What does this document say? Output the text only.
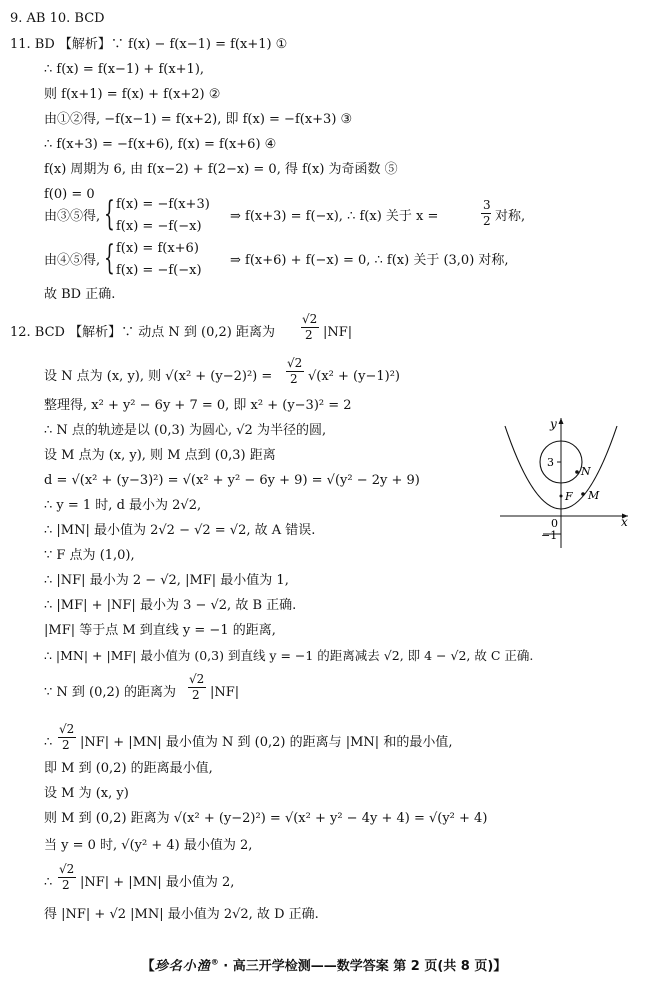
9. AB 10. BCD
11. BD 【解析】∵ f(x) − f(x−1) = f(x+1) ①
∴ f(x) = f(x−1) + f(x+1),
则 f(x+1) = f(x) + f(x+2) ②
由①②得, −f(x−1) = f(x+2), 即 f(x) = −f(x+3) ③
∴ f(x+3) = −f(x+6), f(x) = f(x+6) ④
f(x) 周期为 6, 由 f(x−2) + f(2−x) = 0, 得 f(x) 为奇函数 ⑤
f(0) = 0
由③⑤得, { f(x) = −f(x+3)
f(x) = −f(−x)
⇒ f(x+3) = f(−x), ∴ f(x) 关于 x =
3
2 对称,
由④⑤得, { f(x) = f(x+6)
f(x) = −f(−x)
⇒ f(x+6) + f(−x) = 0, ∴ f(x) 关于 (3,0) 对称,
故 BD 正确.
12. BCD 【解析】∵ 动点 N 到 (0,2) 距离为
√2
2 |NF|
设 N 点为 (x, y), 则 √(x² + (y−2)²) =
√2
2 √(x² + (y−1)²)
整理得, x² + y² − 6y + 7 = 0, 即 x² + (y−3)² = 2
∴ N 点的轨迹是以 (0,3) 为圆心, √2 为半径的圆,
设 M 点为 (x, y), 则 M 点到 (0,3) 距离
d = √(x² + (y−3)²) = √(x² + y² − 6y + 9) = √(y² − 2y + 9)
∴ y = 1 时, d 最小为 2√2,
∴ |MN| 最小值为 2√2 − √2 = √2, 故 A 错误.
∵ F 点为 (1,0),
∴ |NF| 最小为 2 − √2, |MF| 最小值为 1,
∴ |MF| + |NF| 最小为 3 − √2, 故 B 正确.
|MF| 等于点 M 到直线 y = −1 的距离,
∴ |MN| + |MF| 最小值为 (0,3) 到直线 y = −1 的距离减去 √2, 即 4 − √2, 故 C 正确.
∵ N 到 (0,2) 的距离为
√2
2 |NF|
∴
√2
2 |NF| + |MN| 最小值为 N 到 (0,2) 的距离与 |MN| 和的最小值,
即 M 到 (0,2) 的距离最小值,
设 M 为 (x, y)
则 M 到 (0,2) 距离为 √(x² + (y−2)²) = √(x² + y² − 4y + 4) = √(y² + 4)
当 y = 0 时, √(y² + 4) 最小值为 2,
∴
√2
2 |NF| + |MN| 最小值为 2,
得 |NF| + √2 |MN| 最小值为 2√2, 故 D 正确.
y
x
0
3
−1
N
F M
【珍名小渔® · 高三开学检测——数学答案 第 2 页(共 8 页)】
